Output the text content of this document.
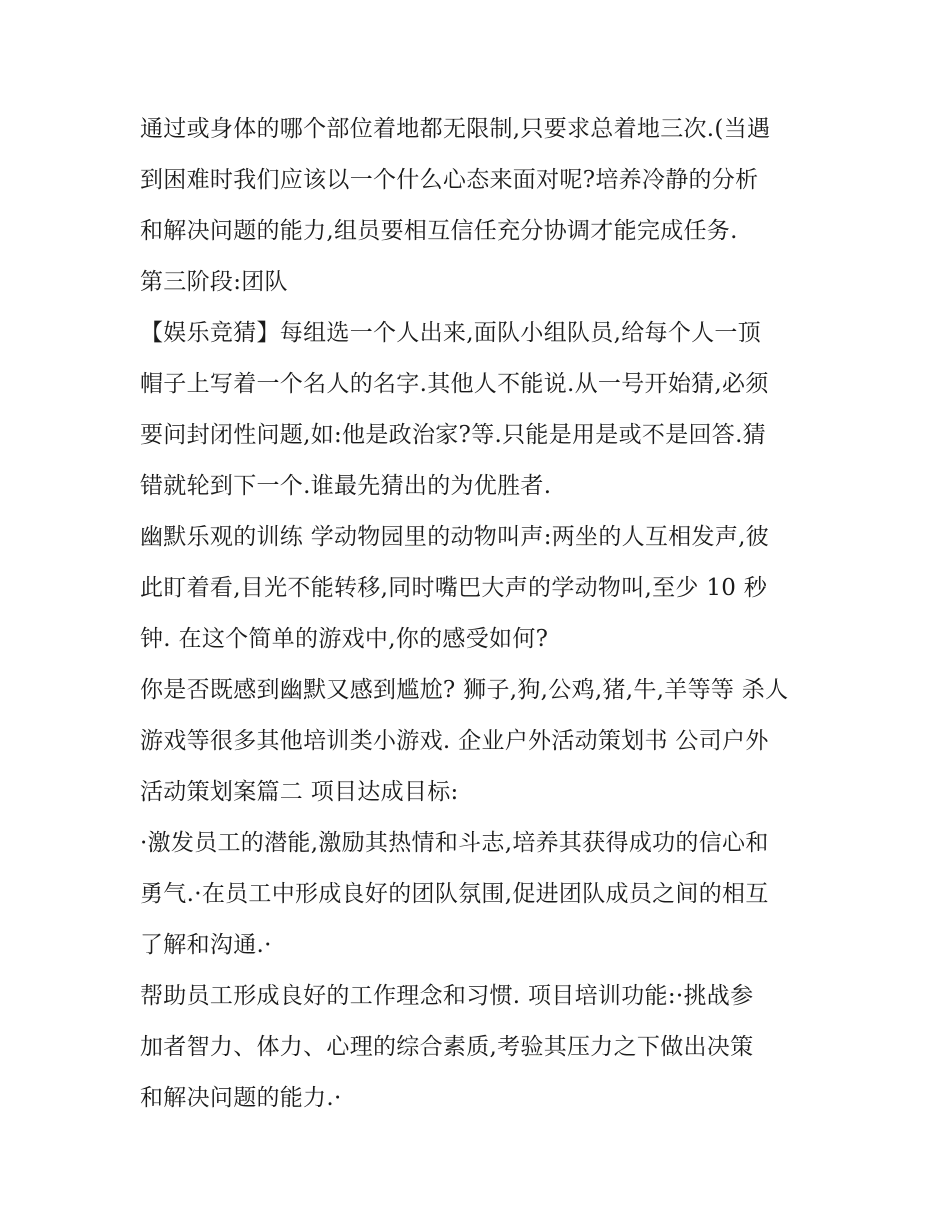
通过或身体的哪个部位着地都无限制,只要求总着地三次.(当遇
到困难时我们应该以一个什么心态来面对呢?培养冷静的分析
和解决问题的能力,组员要相互信任充分协调才能完成任务.
第三阶段:团队
【娱乐竞猜】每组选一个人出来,面队小组队员,给每个人一顶
帽子上写着一个名人的名字.其他人不能说.从一号开始猜,必须
要问封闭性问题,如:他是政治家?等.只能是用是或不是回答.猜
错就轮到下一个.谁最先猜出的为优胜者.
幽默乐观的训练 学动物园里的动物叫声:两坐的人互相发声,彼
此盯着看,目光不能转移,同时嘴巴大声的学动物叫,至少 10 秒
钟. 在这个简单的游戏中,你的感受如何?
你是否既感到幽默又感到尴尬? 狮子,狗,公鸡,猪,牛,羊等等 杀人
游戏等很多其他培训类小游戏. 企业户外活动策划书 公司户外
活动策划案篇二 项目达成目标:
·激发员工的潜能,激励其热情和斗志,培养其获得成功的信心和
勇气.·在员工中形成良好的团队氛围,促进团队成员之间的相互
了解和沟通.·
帮助员工形成良好的工作理念和习惯. 项目培训功能:·挑战参
加者智力、体力、心理的综合素质,考验其压力之下做出决策
和解决问题的能力.·
